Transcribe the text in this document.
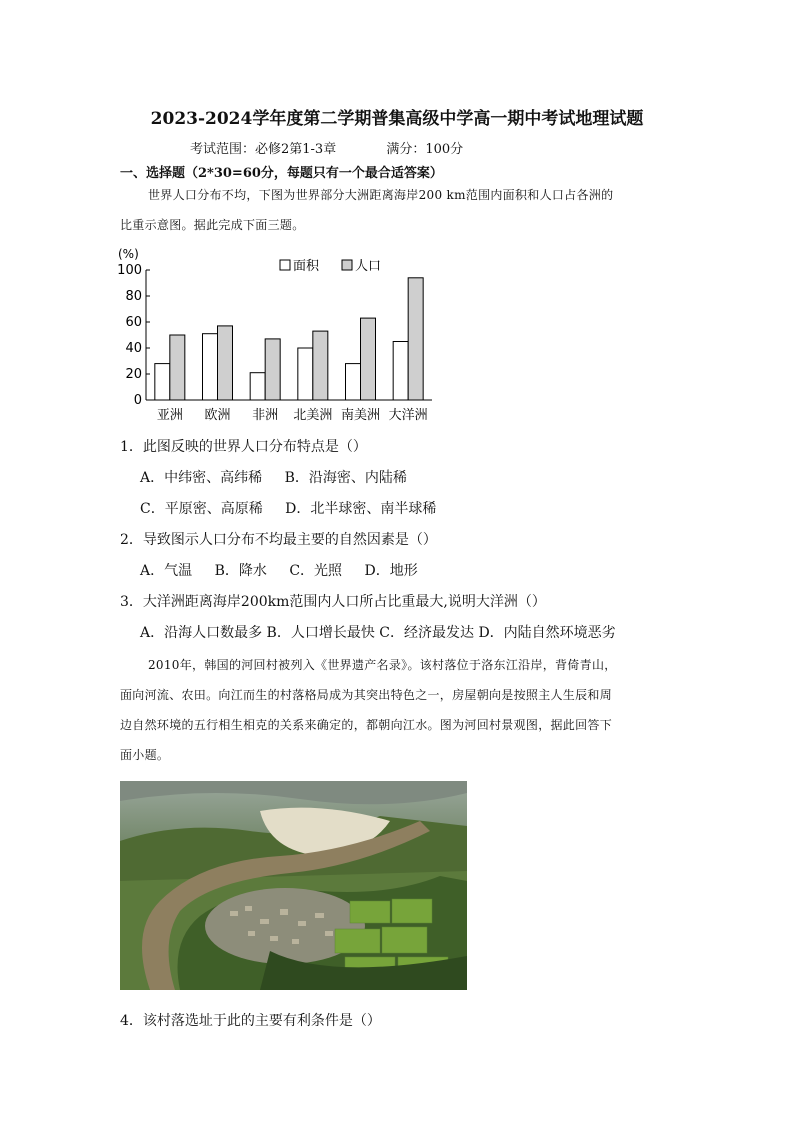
2023-2024学年度第二学期普集高级中学高一期中考试地理试题
考试范围：必修2第1-3章	满分：100分
一、选择题（2*30=60分，每题只有一个最合适答案）
世界人口分布不均，下图为世界部分大洲距离海岸200 km范围内面积和人口占各洲的
比重示意图。据此完成下面三题。
(%)
0
20
40
60
80
100
亚洲 欧洲 非洲 北美洲 南美洲 大洋洲
面积	人口
1．此图反映的世界人口分布特点是（）
A．中纬密、高纬稀 B．沿海密、内陆稀
C．平原密、高原稀 D．北半球密、南半球稀
2．导致图示人口分布不均最主要的自然因素是（）
A．气温 B．降水 C．光照 D．地形
3．大洋洲距离海岸200km范围内人口所占比重最大,说明大洋洲（）
A．沿海人口数最多 B．人口增长最快 C．经济最发达 D．内陆自然环境恶劣
2010年，韩国的河回村被列入《世界遗产名录》。该村落位于洛东江沿岸，背倚青山，
面向河流、农田。向江而生的村落格局成为其突出特色之一，房屋朝向是按照主人生辰和周
边自然环境的五行相生相克的关系来确定的，都朝向江水。图为河回村景观图，据此回答下
面小题。
4．该村落选址于此的主要有利条件是（）
